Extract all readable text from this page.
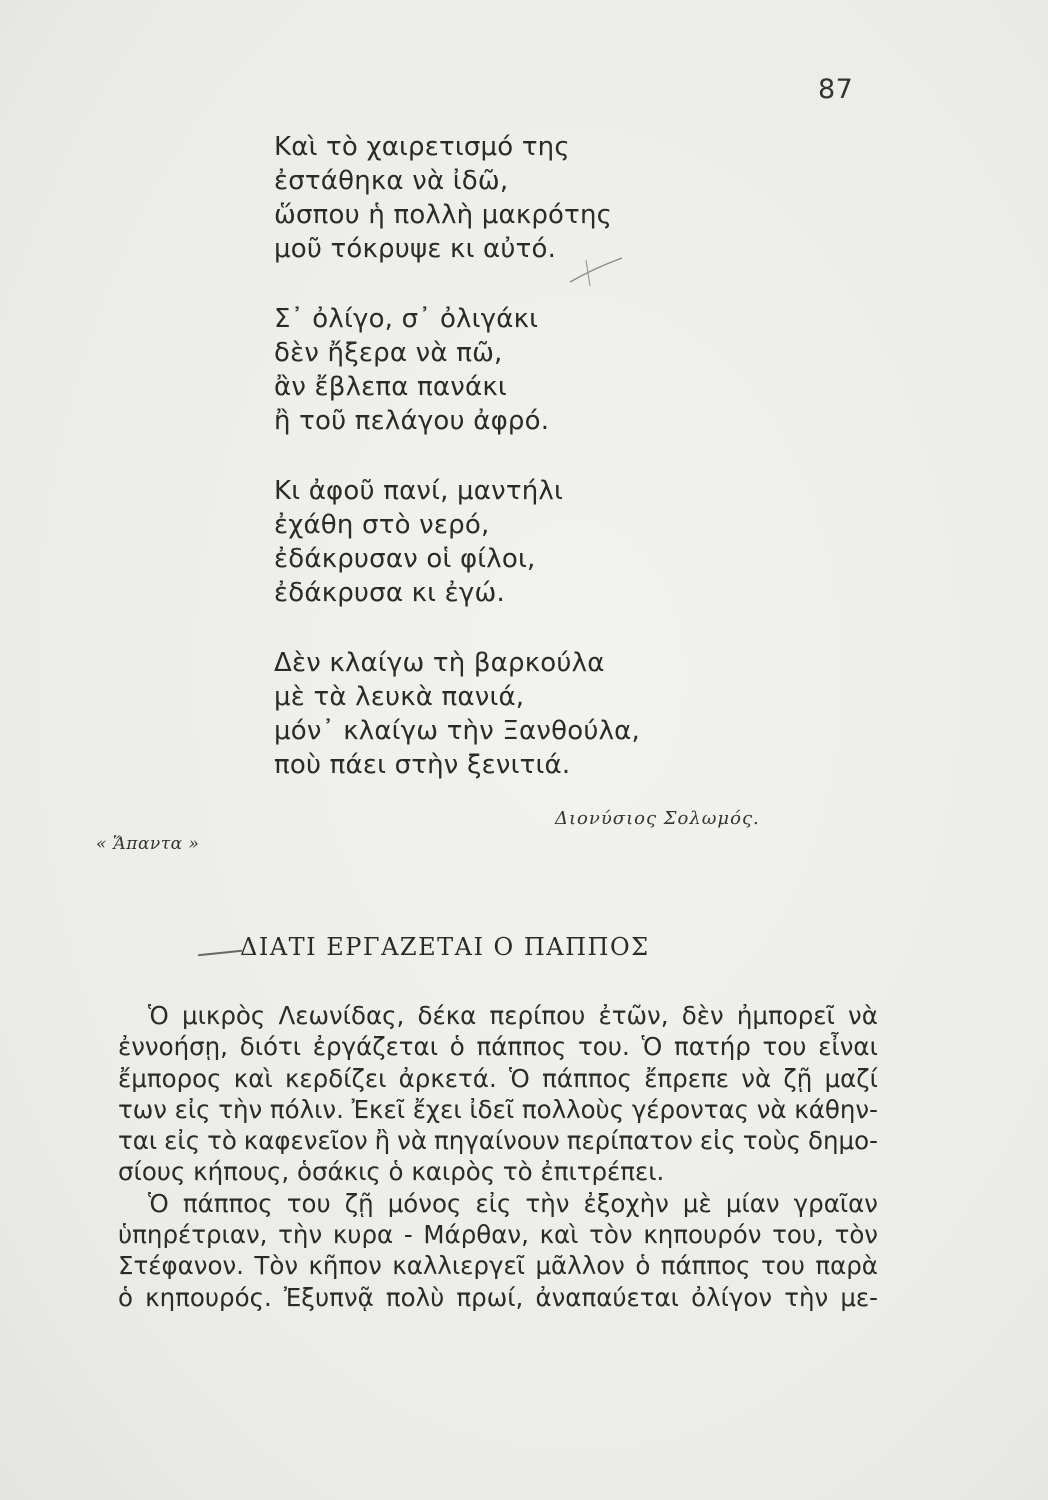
87
Καὶ τὸ χαιρετισμό της
ἐστάθηκα νὰ ἰδῶ,
ὥσπου ἡ πολλὴ μακρότης
μοῦ τόκρυψε κι αὐτό.
Σ᾿ ὀλίγο, σ᾿ ὀλιγάκι
δὲν ἤξερα νὰ πῶ,
ἂν ἔβλεπα πανάκι
ἢ τοῦ πελάγου ἀφρό.
Κι ἀφοῦ πανί, μαντήλι
ἐχάθη στὸ νερό,
ἐδάκρυσαν οἱ φίλοι,
ἐδάκρυσα κι ἐγώ.
Δὲν κλαίγω τὴ βαρκούλα
μὲ τὰ λευκὰ πανιά,
μόν᾿ κλαίγω τὴν Ξανθούλα,
ποὺ πάει στὴν ξενιτιά.
Διονύσιος Σολωμός.
« Ἅπαντα »
ΔΙΑΤΙ ΕΡΓΑΖΕΤΑΙ Ο ΠΑΠΠΟΣ
Ὁ μικρὸς Λεωνίδας, δέκα περίπου ἐτῶν, δὲν ἠμπορεῖ νὰ
ἐννοήσῃ, διότι ἐργάζεται ὁ πάππος του. Ὁ πατήρ του εἶναι
ἔμπορος καὶ κερδίζει ἀρκετά. Ὁ πάππος ἔπρεπε νὰ ζῇ μαζί
των εἰς τὴν πόλιν. Ἐκεῖ ἔχει ἰδεῖ πολλοὺς γέροντας νὰ κάθην-
ται εἰς τὸ καφενεῖον ἢ νὰ πηγαίνουν περίπατον εἰς τοὺς δημο-
σίους κήπους, ὁσάκις ὁ καιρὸς τὸ ἐπιτρέπει.
Ὁ πάππος του ζῇ μόνος εἰς τὴν ἐξοχὴν μὲ μίαν γραῖαν
ὑπηρέτριαν, τὴν κυρα - Μάρθαν, καὶ τὸν κηπουρόν του, τὸν
Στέφανον. Τὸν κῆπον καλλιεργεῖ μᾶλλον ὁ πάππος του παρὰ
ὁ κηπουρός. Ἐξυπνᾷ πολὺ πρωί, ἀναπαύεται ὀλίγον τὴν με-
